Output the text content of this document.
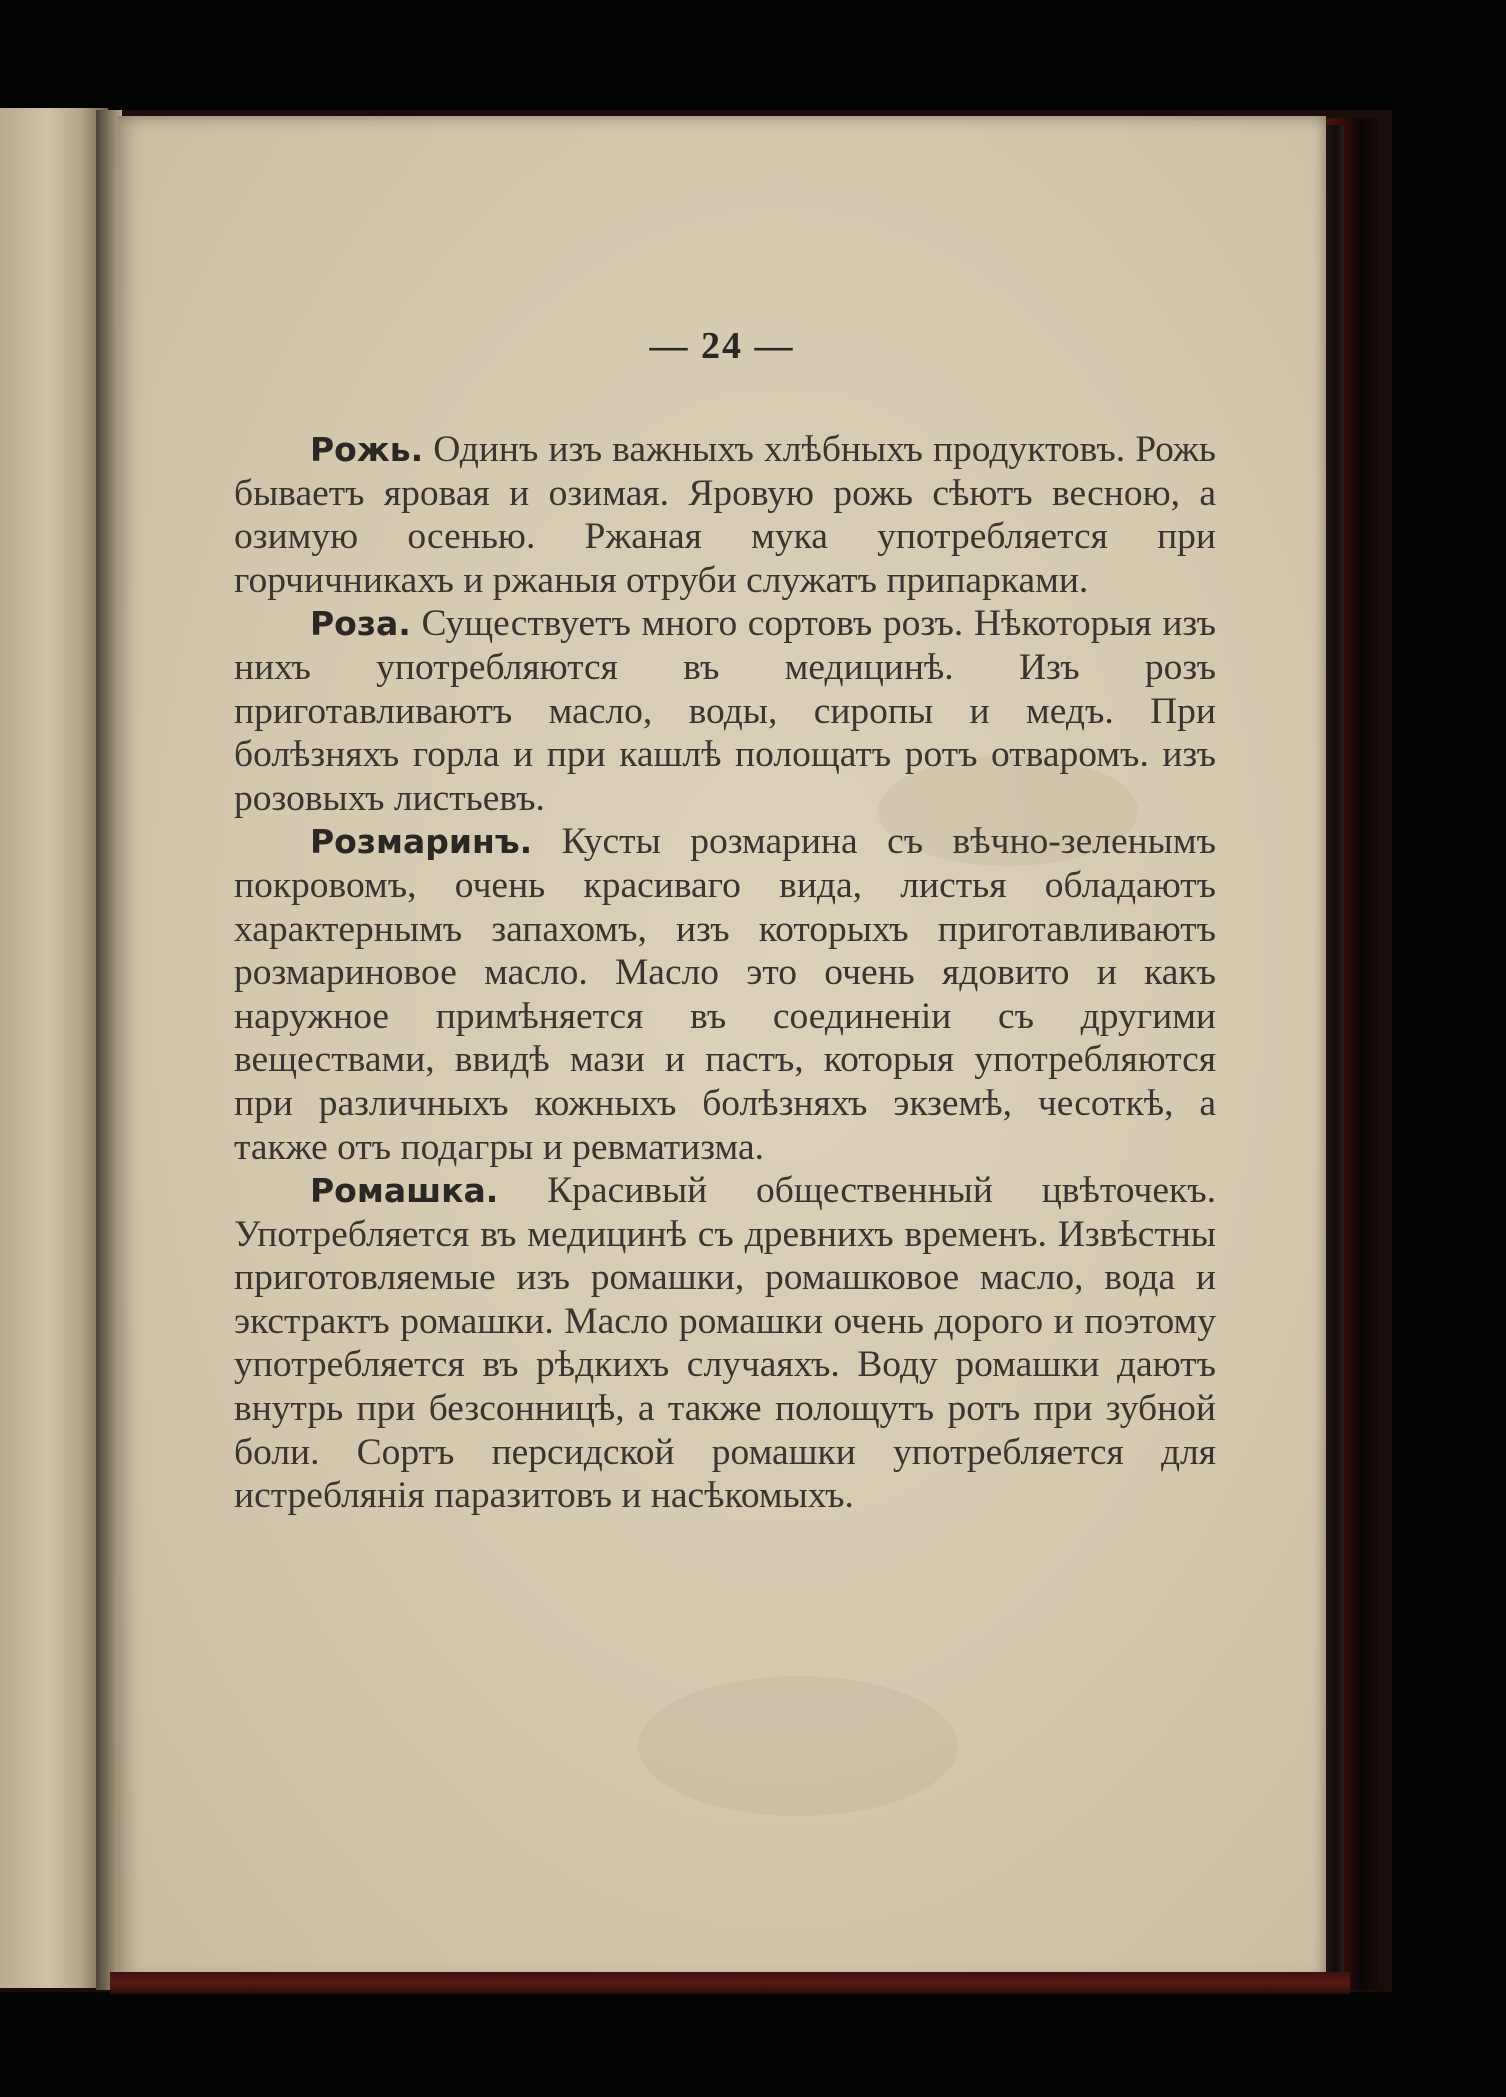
— 24 —

Рожь. Одинъ изъ важныхъ хлѣбныхъ продуктовъ. Рожь бываетъ яровая и озимая. Яровую рожь сѣютъ весною, а озимую осенью. Ржаная мука употребляется при горчичникахъ и ржаныя отруби служатъ припарками.

Роза. Существуетъ много сортовъ розъ. Нѣкоторыя изъ нихъ употребляются въ медицинѣ. Изъ розъ приготавливаютъ масло, воды, сиропы и медъ. При болѣзняхъ горла и при кашлѣ полощатъ ротъ отваромъ. изъ розовыхъ листьевъ.

Розмаринъ. Кусты розмарина съ вѣчно-зеленымъ покровомъ, очень красиваго вида, листья обладаютъ характернымъ запахомъ, изъ которыхъ приготавливаютъ розмариновое масло. Масло это очень ядовито и какъ наружное примѣняется въ соединенiи съ другими веществами, ввидѣ мази и пастъ, которыя употребляются при различныхъ кожныхъ болѣзняхъ экземѣ, чесоткѣ, а также отъ подагры и ревматизма.

Ромашка. Красивый общественный цвѣточекъ. Употребляется въ медицинѣ съ древнихъ временъ. Извѣстны приготовляемые изъ ромашки, ромашковое масло, вода и экстрактъ ромашки. Масло ромашки очень дорого и поэтому употребляется въ рѣдкихъ случаяхъ. Воду ромашки даютъ внутрь при безсонницѣ, а также полощутъ ротъ при зубной боли. Сортъ персидской ромашки употребляется для истреблянiя паразитовъ и насѣкомыхъ.
